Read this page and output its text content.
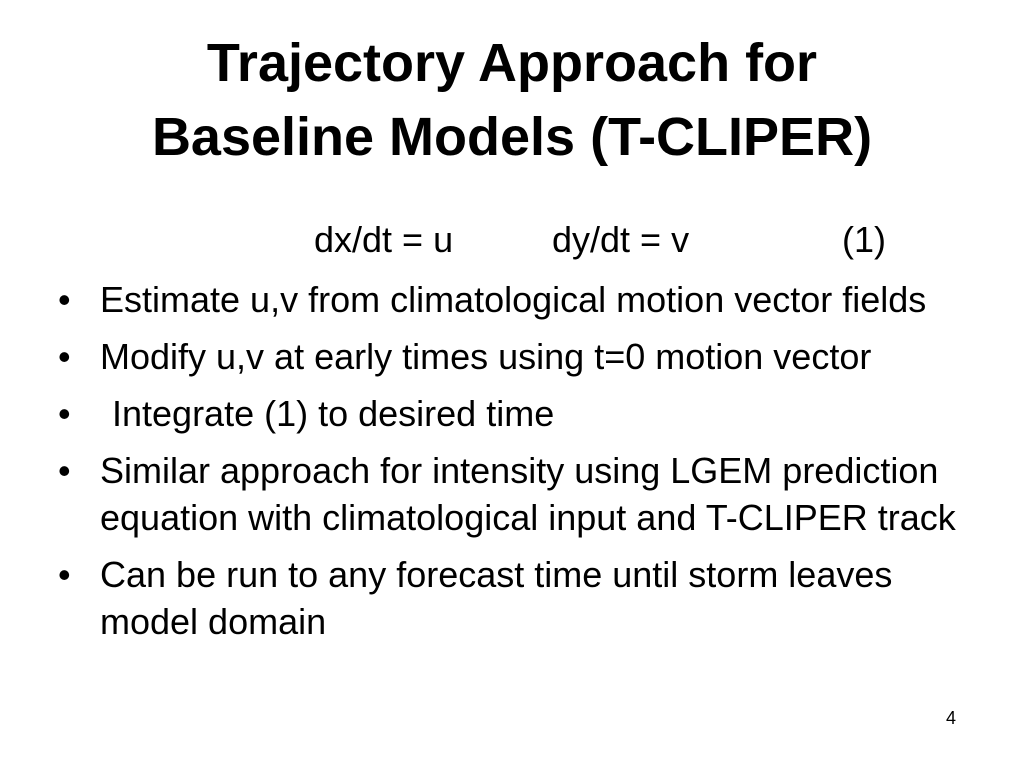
Trajectory Approach for
Baseline Models (T-CLIPER)
dx/dt = u	dy/dt = v	(1)
• Estimate u,v from climatological motion vector fields
• Modify u,v at early times using t=0 motion vector
•	Integrate (1) to desired time
• Similar approach for intensity using LGEM prediction equation with climatological input and T-CLIPER track
• Can be run to any forecast time until storm leaves model domain
4
